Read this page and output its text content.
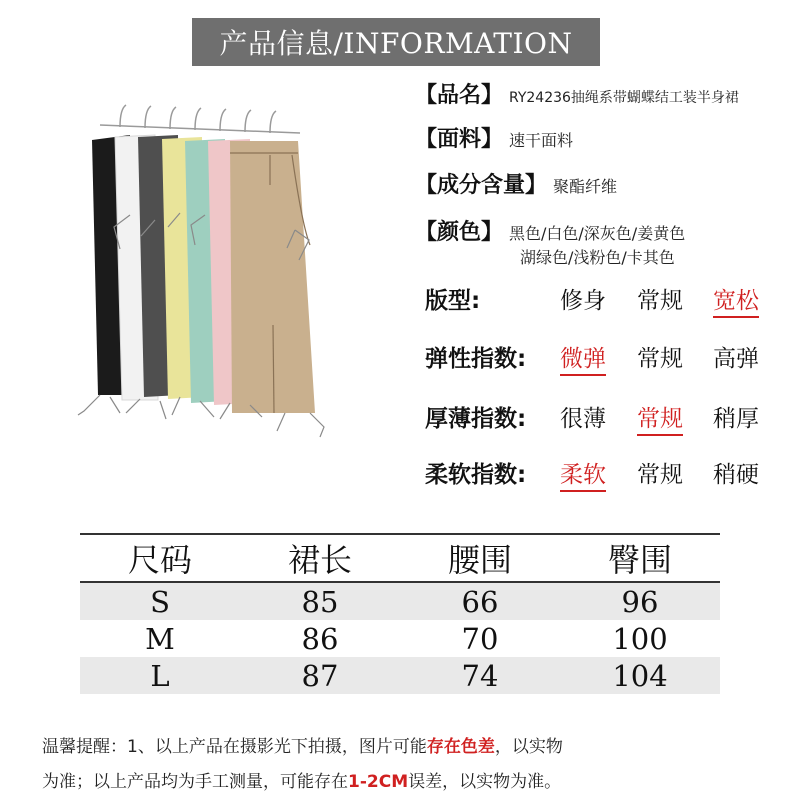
产品信息/INFORMATION
【品名】 RY24236抽绳系带蝴蝶结工装半身裙
【面料】 速干面料
【成分含量】 聚酯纤维
【颜色】 黑色/白色/深灰色/姜黄色
湖绿色/浅粉色/卡其色
版型:	修身 常规 宽松
弹性指数: 微弹 常规 高弹
厚薄指数: 很薄 常规 稍厚
柔软指数: 柔软 常规 稍硬
尺码	裙长	腰围	臀围
S	85	66	96
M	86	70	100
L	87	74	104
温馨提醒：1、以上产品在摄影光下拍摄，图片可能存在色差，以实物
为准；以上产品均为手工测量，可能存在1-2CM误差，以实物为准。
